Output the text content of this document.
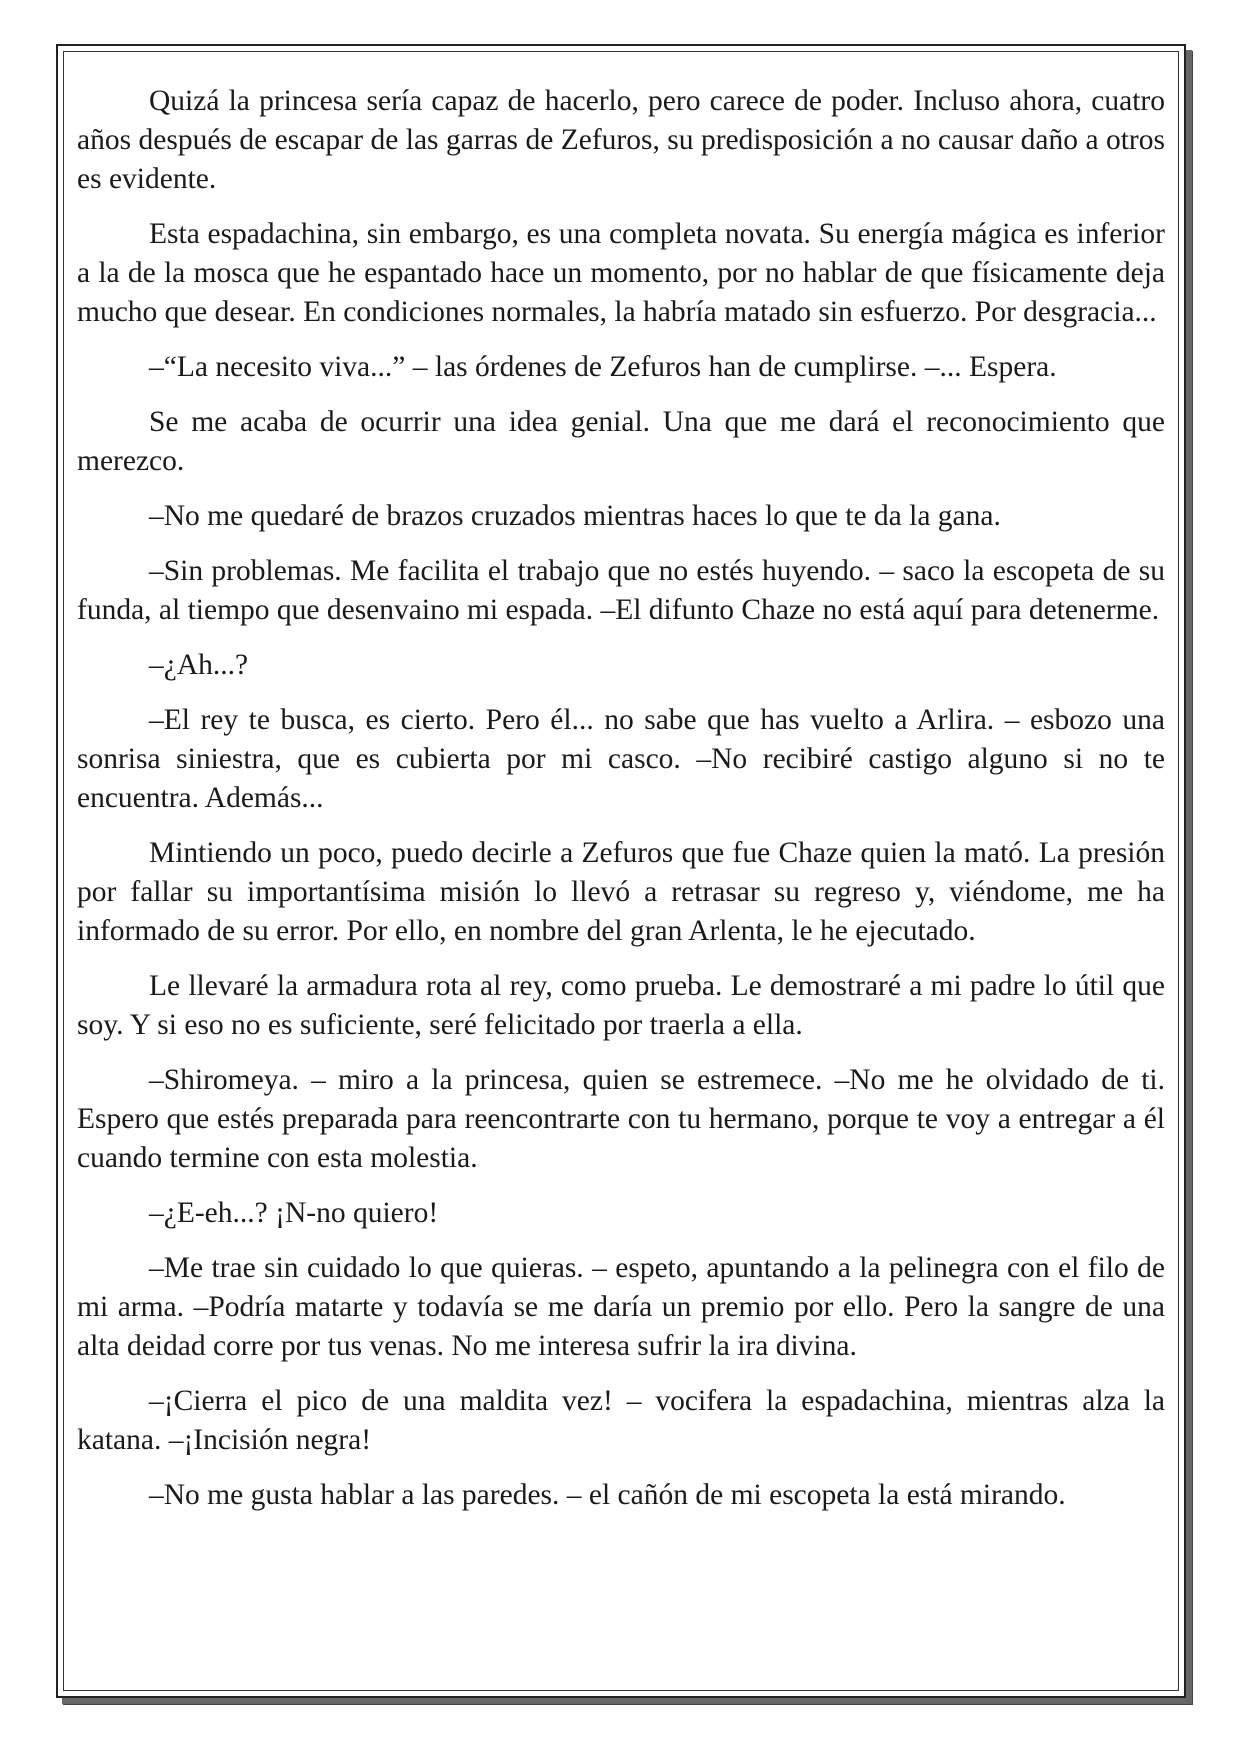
Quizá la princesa sería capaz de hacerlo, pero carece de poder. Incluso ahora, cuatro años después de escapar de las garras de Zefuros, su predisposición a no causar daño a otros es evidente.

Esta espadachina, sin embargo, es una completa novata. Su energía mágica es inferior a la de la mosca que he espantado hace un momento, por no hablar de que físicamente deja mucho que desear. En condiciones normales, la habría matado sin esfuerzo. Por desgracia...

–“La necesito viva...” – las órdenes de Zefuros han de cumplirse. –... Espera.

Se me acaba de ocurrir una idea genial. Una que me dará el reconocimiento que merezco.

–No me quedaré de brazos cruzados mientras haces lo que te da la gana.

–Sin problemas. Me facilita el trabajo que no estés huyendo. – saco la escopeta de su funda, al tiempo que desenvaino mi espada. –El difunto Chaze no está aquí para detenerme.

–¿Ah...?

–El rey te busca, es cierto. Pero él... no sabe que has vuelto a Arlira. – esbozo una sonrisa siniestra, que es cubierta por mi casco. –No recibiré castigo alguno si no te encuentra. Además...

Mintiendo un poco, puedo decirle a Zefuros que fue Chaze quien la mató. La presión por fallar su importantísima misión lo llevó a retrasar su regreso y, viéndome, me ha informado de su error. Por ello, en nombre del gran Arlenta, le he ejecutado.

Le llevaré la armadura rota al rey, como prueba. Le demostraré a mi padre lo útil que soy. Y si eso no es suficiente, seré felicitado por traerla a ella.

–Shiromeya. – miro a la princesa, quien se estremece. –No me he olvidado de ti. Espero que estés preparada para reencontrarte con tu hermano, porque te voy a entregar a él cuando termine con esta molestia.

–¿E-eh...? ¡N-no quiero!

–Me trae sin cuidado lo que quieras. – espeto, apuntando a la pelinegra con el filo de mi arma. –Podría matarte y todavía se me daría un premio por ello. Pero la sangre de una alta deidad corre por tus venas. No me interesa sufrir la ira divina.

–¡Cierra el pico de una maldita vez! – vocifera la espadachina, mientras alza la katana. –¡Incisión negra!

–No me gusta hablar a las paredes. – el cañón de mi escopeta la está mirando.
